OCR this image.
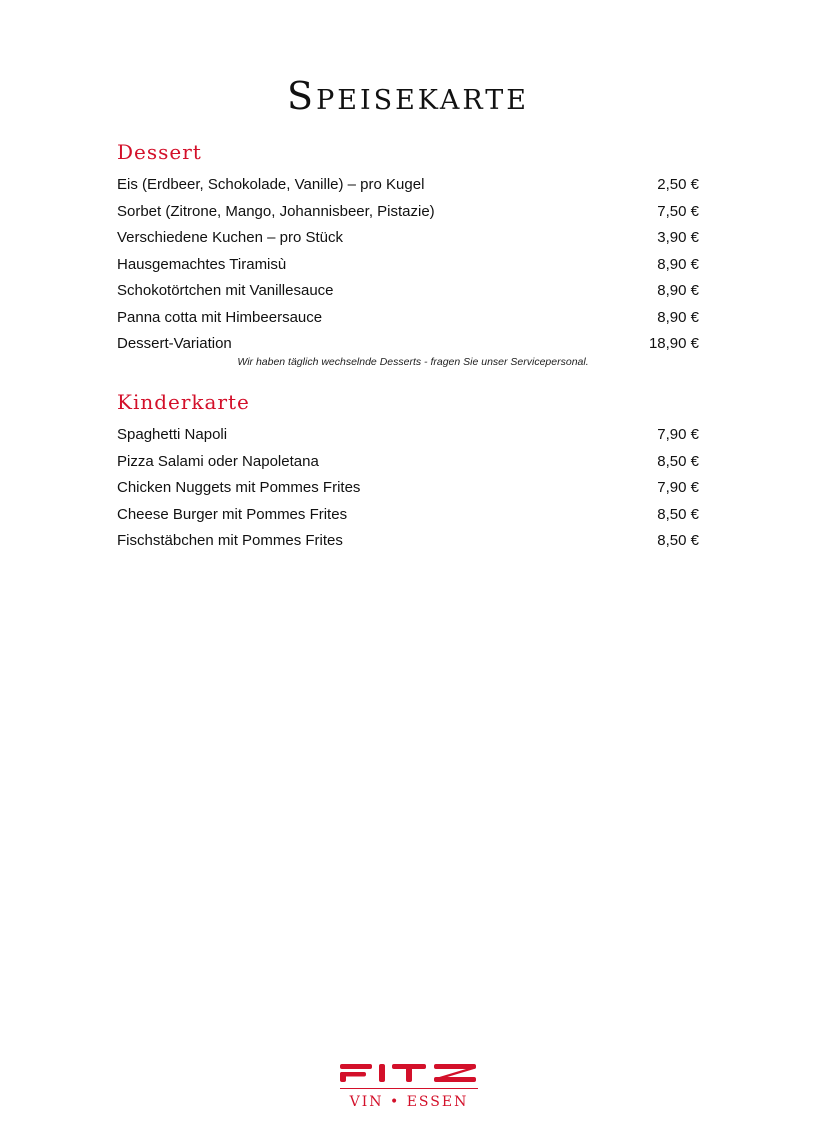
Speisekarte
Dessert
Eis (Erdbeer, Schokolade, Vanille) – pro Kugel	2,50 €
Sorbet (Zitrone, Mango, Johannisbeer, Pistazie)	7,50 €
Verschiedene Kuchen – pro Stück	3,90 €
Hausgemachtes Tiramisù	8,90 €
Schokotörtchen mit Vanillesauce	8,90 €
Panna cotta mit Himbeersauce	8,90 €
Dessert-Variation	18,90 €
Wir haben täglich wechselnde Desserts - fragen Sie unser Servicepersonal.
Kinderkarte
Spaghetti Napoli	7,90 €
Pizza Salami oder Napoletana	8,50 €
Chicken Nuggets mit Pommes Frites	7,90 €
Cheese Burger mit Pommes Frites	8,50 €
Fischstäbchen mit Pommes Frites	8,50 €
VIN • ESSEN
